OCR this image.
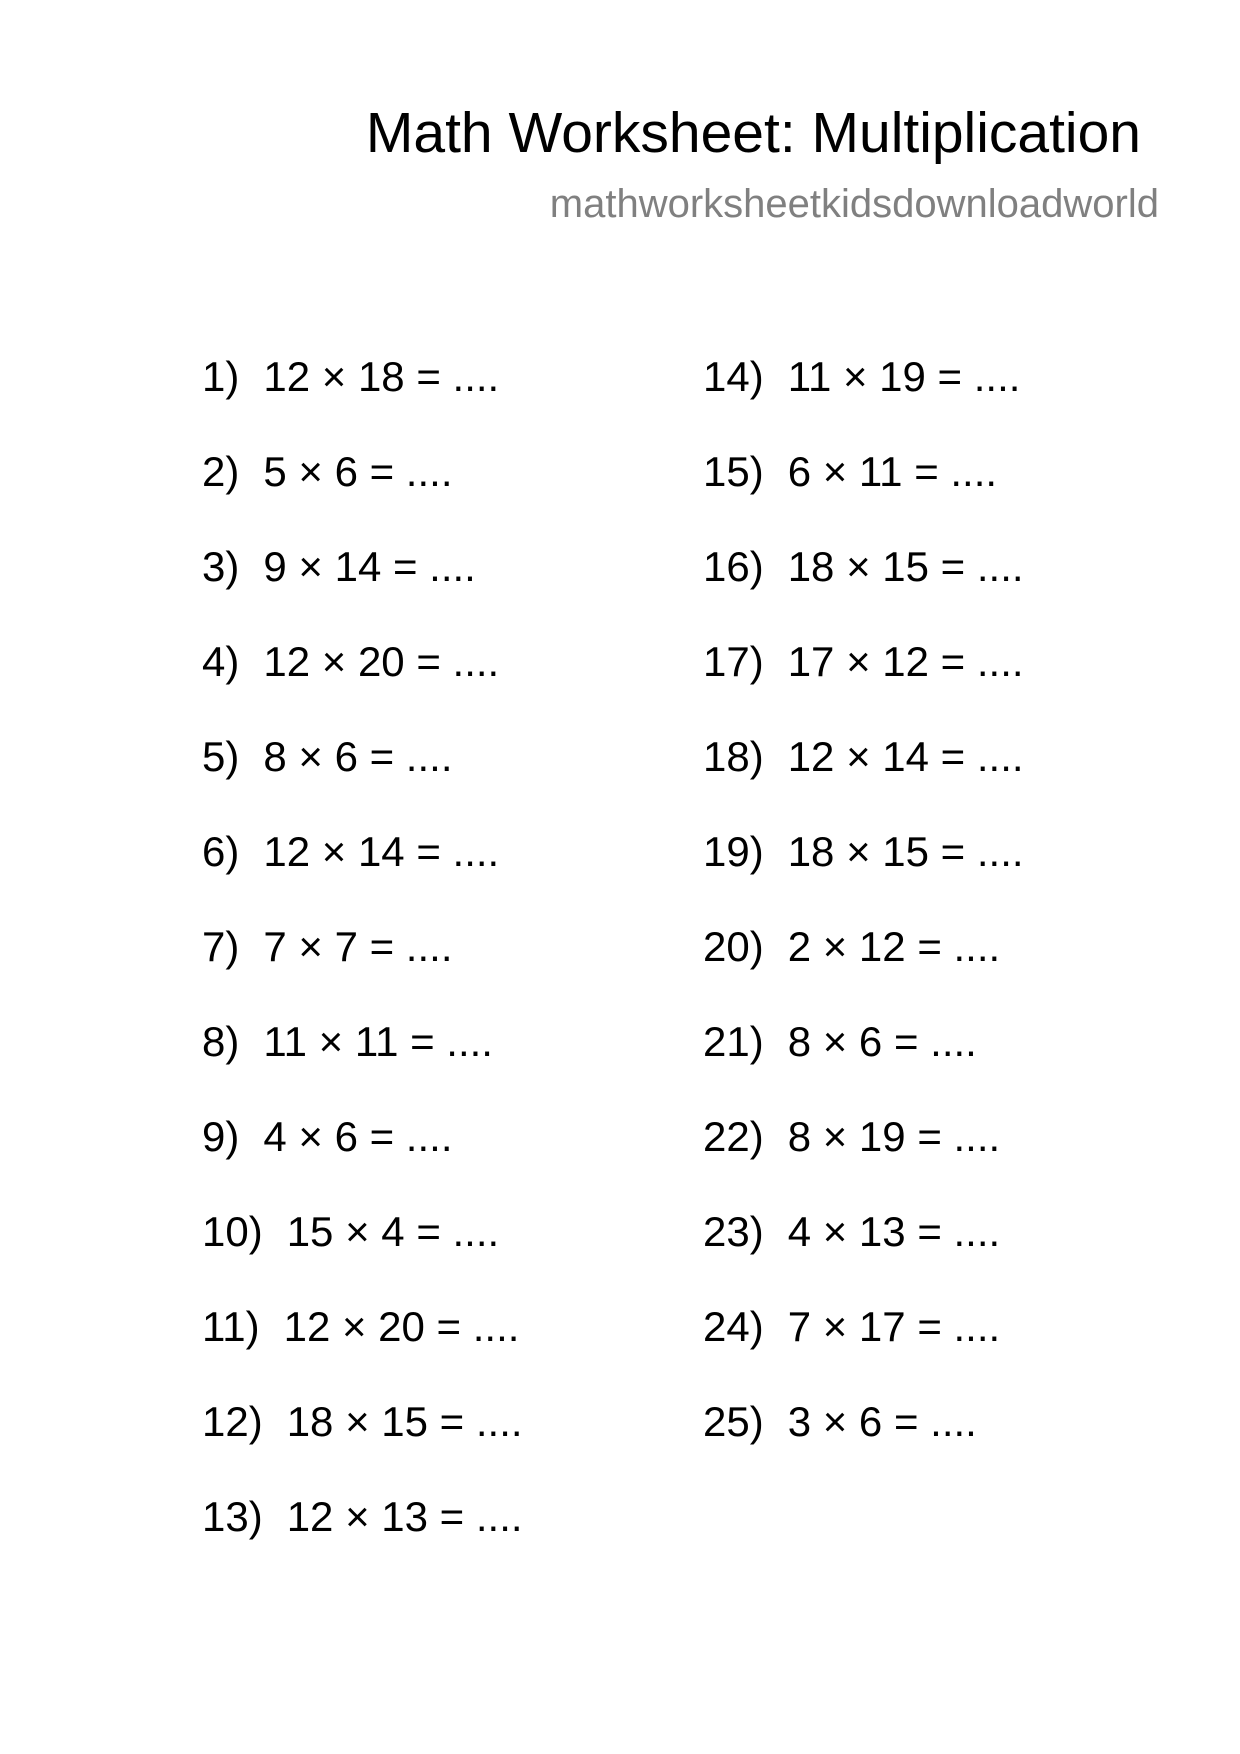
Math Worksheet: Multiplication
mathworksheetkidsdownloadworld
1) 12 × 18 = ....
2) 5 × 6 = ....
3) 9 × 14 = ....
4) 12 × 20 = ....
5) 8 × 6 = ....
6) 12 × 14 = ....
7) 7 × 7 = ....
8) 11 × 11 = ....
9) 4 × 6 = ....
10) 15 × 4 = ....
11) 12 × 20 = ....
12) 18 × 15 = ....
13) 12 × 13 = ....
14) 11 × 19 = ....
15) 6 × 11 = ....
16) 18 × 15 = ....
17) 17 × 12 = ....
18) 12 × 14 = ....
19) 18 × 15 = ....
20) 2 × 12 = ....
21) 8 × 6 = ....
22) 8 × 19 = ....
23) 4 × 13 = ....
24) 7 × 17 = ....
25) 3 × 6 = ....
